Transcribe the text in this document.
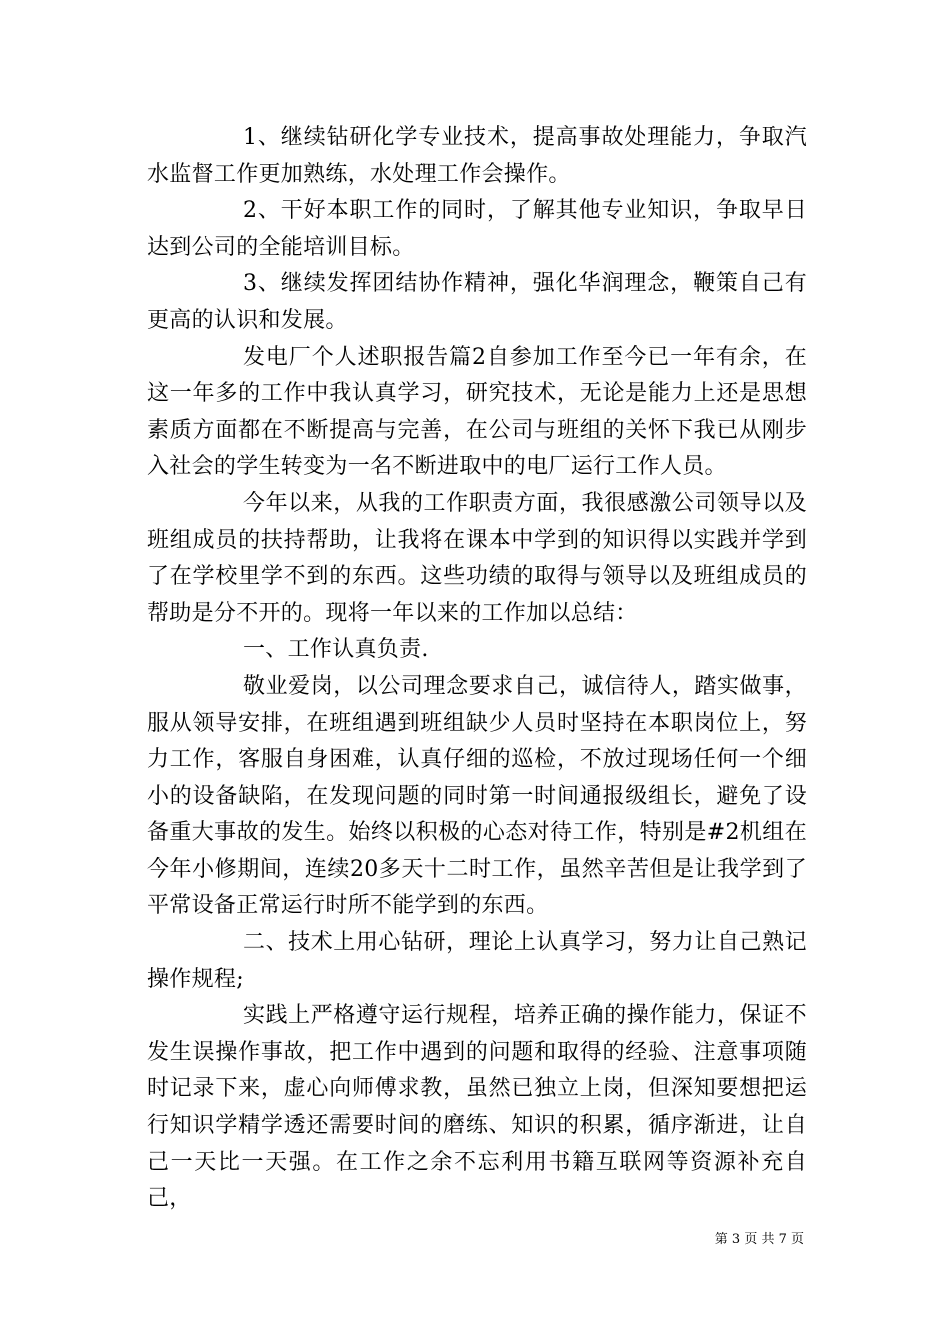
1、继续钻研化学专业技术，提高事故处理能力，争取汽水监督工作更加熟练，水处理工作会操作。

2、干好本职工作的同时，了解其他专业知识，争取早日达到公司的全能培训目标。

3、继续发挥团结协作精神，强化华润理念，鞭策自己有更高的认识和发展。

发电厂个人述职报告篇2自参加工作至今已一年有余，在这一年多的工作中我认真学习，研究技术，无论是能力上还是思想素质方面都在不断提高与完善，在公司与班组的关怀下我已从刚步入社会的学生转变为一名不断进取中的电厂运行工作人员。

今年以来，从我的工作职责方面，我很感激公司领导以及班组成员的扶持帮助，让我将在课本中学到的知识得以实践并学到了在学校里学不到的东西。这些功绩的取得与领导以及班组成员的帮助是分不开的。现将一年以来的工作加以总结：

一、工作认真负责.

敬业爱岗，以公司理念要求自己，诚信待人，踏实做事，服从领导安排，在班组遇到班组缺少人员时坚持在本职岗位上，努力工作，客服自身困难，认真仔细的巡检，不放过现场任何一个细小的设备缺陷，在发现问题的同时第一时间通报级组长，避免了设备重大事故的发生。始终以积极的心态对待工作，特别是#2机组在今年小修期间，连续20多天十二时工作，虽然辛苦但是让我学到了平常设备正常运行时所不能学到的东西。

二、技术上用心钻研，理论上认真学习，努力让自己熟记操作规程;

实践上严格遵守运行规程，培养正确的操作能力，保证不发生误操作事故，把工作中遇到的问题和取得的经验、注意事项随时记录下来，虚心向师傅求教，虽然已独立上岗，但深知要想把运行知识学精学透还需要时间的磨练、知识的积累，循序渐进，让自己一天比一天强。在工作之余不忘利用书籍互联网等资源补充自己，

第 3 页 共 7 页
